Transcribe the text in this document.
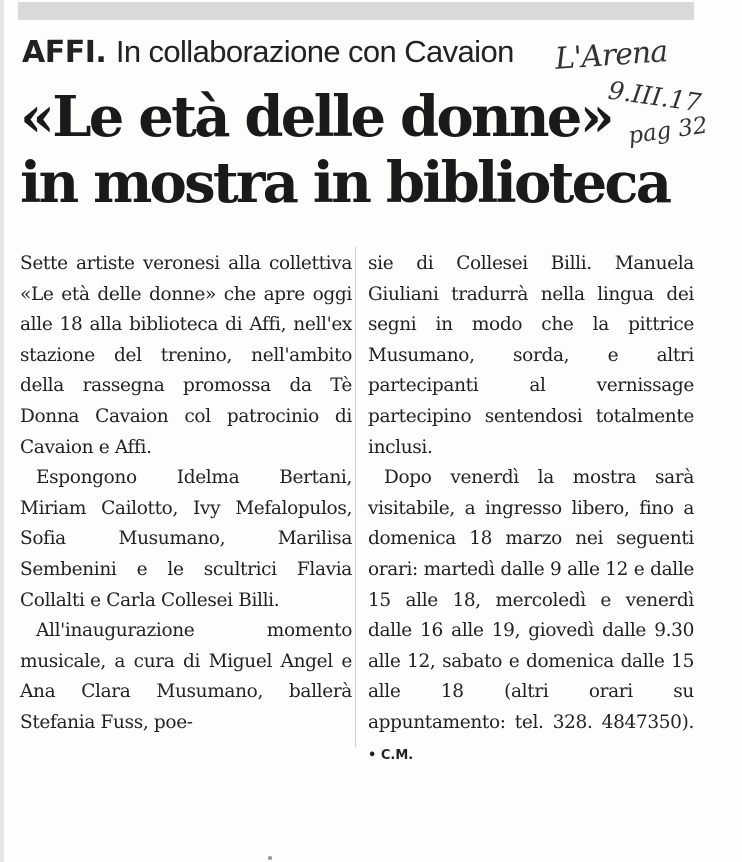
AFFI. In collaborazione con Cavaion L'Arena
9.III.17
pag 32
«Le età delle donne»
in mostra in biblioteca

Sette artiste veronesi alla collettiva «Le età delle donne» che apre oggi alle 18 alla biblioteca di Affi, nell'ex stazione del trenino, nell'ambito della rassegna promossa da Tè Donna Cavaion col patrocinio di Cavaion e Affi.

Espongono Idelma Bertani, Miriam Cailotto, Ivy Mefalopulos, Sofia Musumano, Marilisa Sembenini e le scultrici Flavia Collalti e Carla Collesei Billi.

All'inaugurazione momento musicale, a cura di Miguel Angel e Ana Clara Musumano, ballerà Stefania Fuss, poe-

sie di Collesei Billi. Manuela Giuliani tradurrà nella lingua dei segni in modo che la pittrice Musumano, sorda, e altri partecipanti al vernissage partecipino sentendosi totalmente inclusi.

Dopo venerdì la mostra sarà visitabile, a ingresso libero, fino a domenica 18 marzo nei seguenti orari: martedì dalle 9 alle 12 e dalle 15 alle 18, mercoledì e venerdì dalle 16 alle 19, giovedì dalle 9.30 alle 12, sabato e domenica dalle 15 alle 18 (altri orari su appuntamento: tel. 328. 4847350). • C.M.
